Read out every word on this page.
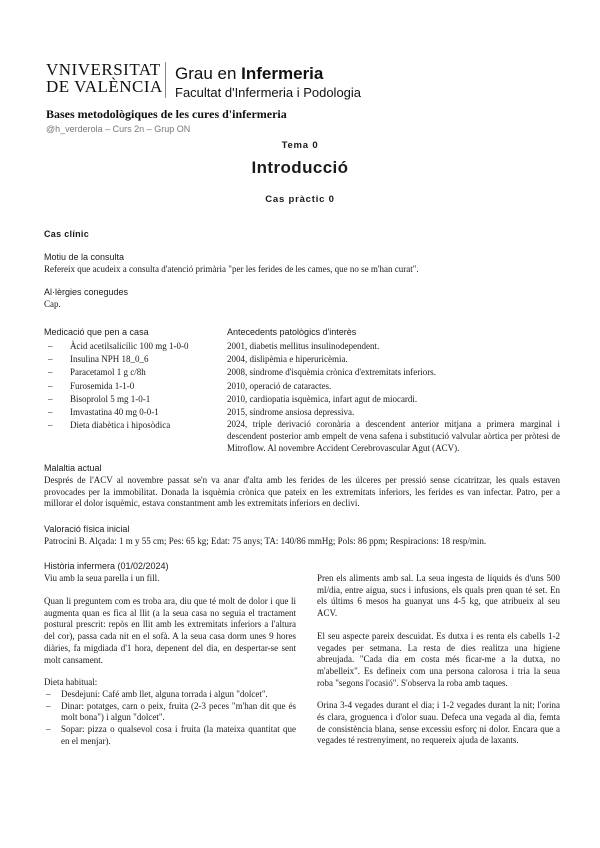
VNIVERSITAT
DE VALÈNCIA
Grau en Infermeria
Facultat d'Infermeria i Podologia
Bases metodològiques de les cures d'infermeria
@h_verderola – Curs 2n – Grup ON
Tema 0
Introducció
Cas pràctic 0
Cas clínic
Motiu de la consulta
Refereix que acudeix a consulta d'atenció primària "per les ferides de les cames, que no se m'han curat".
Al·lèrgies conegudes
Cap.
Medicació que pen a casa
– Àcid acetilsalicílic 100 mg 1-0-0
– Insulina NPH 18_0_6
– Paracetamol 1 g c/8h
– Furosemida 1-1-0
– Bisoprolol 5 mg 1-0-1
– Imvastatina 40 mg 0-0-1
– Dieta diabètica i hiposòdica
Antecedents patològics d'interès
2001, diabetis mellitus insulinodependent.
2004, dislipèmia e hiperuricèmia.
2008, síndrome d'isquèmia crònica d'extremitats inferiors.
2010, operació de cataractes.
2010, cardiopatia isquèmica, infart agut de miocardi.
2015, síndrome ansiosa depressiva.
2024, triple derivació coronària a descendent anterior mitjana a primera marginal i descendent posterior amb empelt de vena safena i substitució valvular aòrtica per pròtesi de Mitroflow. Al novembre Accident Cerebrovascular Agut (ACV).
Malaltia actual
Després de l'ACV al novembre passat se'n va anar d'alta amb les ferides de les úlceres per pressió sense cicatritzar, les quals estaven provocades per la immobilitat. Donada la isquèmia crònica que pateix en les extremitats inferiors, les ferides es van infectar. Patro, per a millorar el dolor isquèmic, estava constantment amb les extremitats inferiors en declivi.
Valoració física inicial
Patrocini B. Alçada: 1 m y 55 cm; Pes: 65 kg; Edat: 75 anys; TA: 140/86 mmHg; Pols: 86 ppm; Respiracions: 18 resp/min.
Història infermera (01/02/2024)
Viu amb la seua parella i un fill.

Quan li preguntem com es troba ara, diu que té molt de dolor i que li augmenta quan es fica al llit (a la seua casa no seguia el tractament postural prescrit: repòs en llit amb les extremitats inferiors a l'altura del cor), passa cada nit en el sofà. A la seua casa dorm unes 9 hores diàries, fa migdiada d'1 hora, depenent del dia, en despertar-se sent molt cansament.

Dieta habitual:

– Desdejuni: Café amb llet, alguna torrada i algun "dolcet".
– Dinar: potatges, carn o peix, fruita (2-3 peces "m'han dit que és molt bona") i algun "dolcet".
– Sopar: pizza o qualsevol cosa i fruita (la mateixa quantitat que en el menjar).

Pren els aliments amb sal. La seua ingesta de líquids és d'uns 500 ml/dia, entre aigua, sucs i infusions, els quals pren quan té set. En els últims 6 mesos ha guanyat uns 4-5 kg, que atribueix al seu ACV.

El seu aspecte pareix descuidat. Es dutxa i es renta els cabells 1-2 vegades per setmana. La resta de dies realitza una higiene abreujada. "Cada dia em costa més ficar-me a la dutxa, no m'abelleix". Es defineix com una persona calorosa i tria la seua roba "segons l'ocasió". S'observa la roba amb taques.

Orina 3-4 vegades durant el dia; i 1-2 vegades durant la nit; l'orina és clara, groguenca i d'olor suau. Defeca una vegada al dia, femta de consistència blana, sense excessiu esforç ni dolor. Encara que a vegades té restrenyiment, no requereix ajuda de laxants.
